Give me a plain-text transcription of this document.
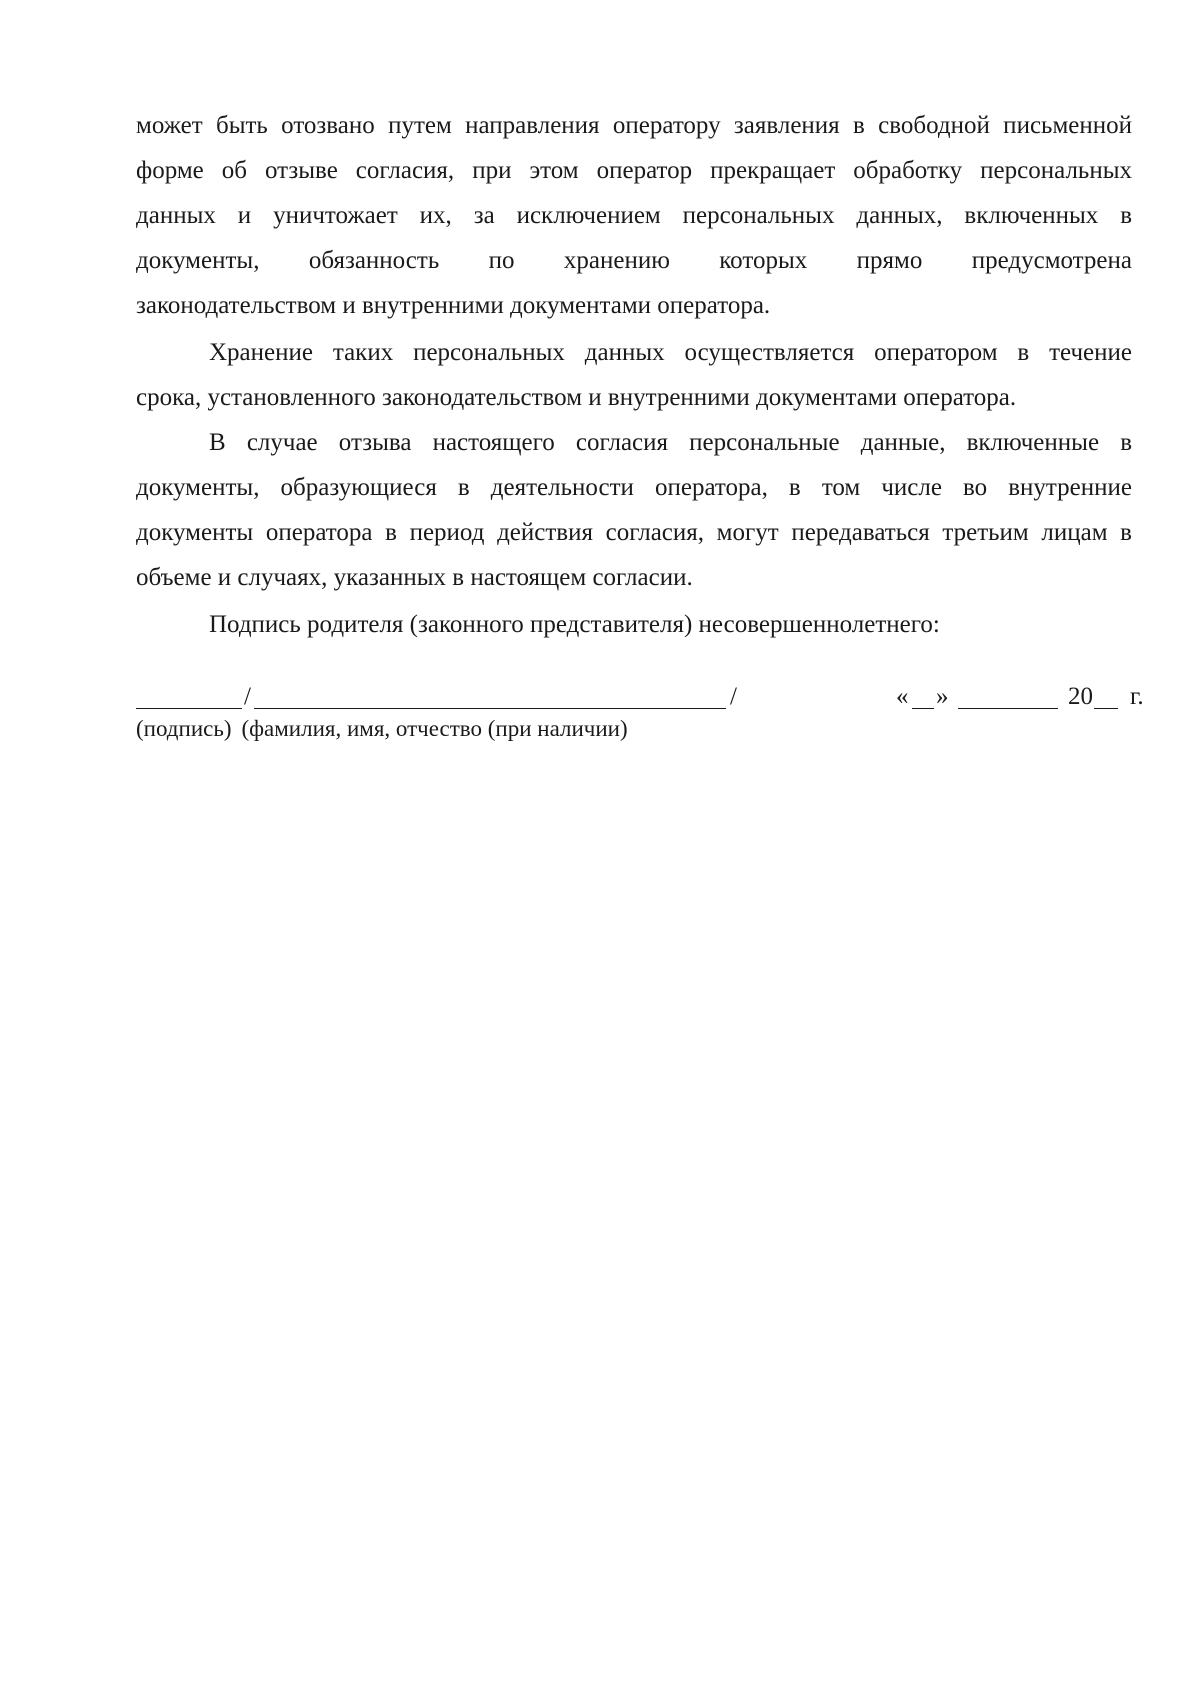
может быть отозвано путем направления оператору заявления в свободной письменной
форме об отзыве согласия, при этом оператор прекращает обработку персональных
данных и уничтожает их, за исключением персональных данных, включенных в
документы, обязанность по хранению которых прямо предусмотрена
законодательством и внутренними документами оператора.
Хранение таких персональных данных осуществляется оператором в течение
срока, установленного законодательством и внутренними документами оператора.
В случае отзыва настоящего согласия персональные данные, включенные в
документы, образующиеся в деятельности оператора, в том числе во внутренние
документы оператора в период действия согласия, могут передаваться третьим лицам в
объеме и случаях, указанных в настоящем согласии.
Подпись родителя (законного представителя) несовершеннолетнего:
/	/	« »	20 г.
(подпись) (фамилия, имя, отчество (при наличии)
